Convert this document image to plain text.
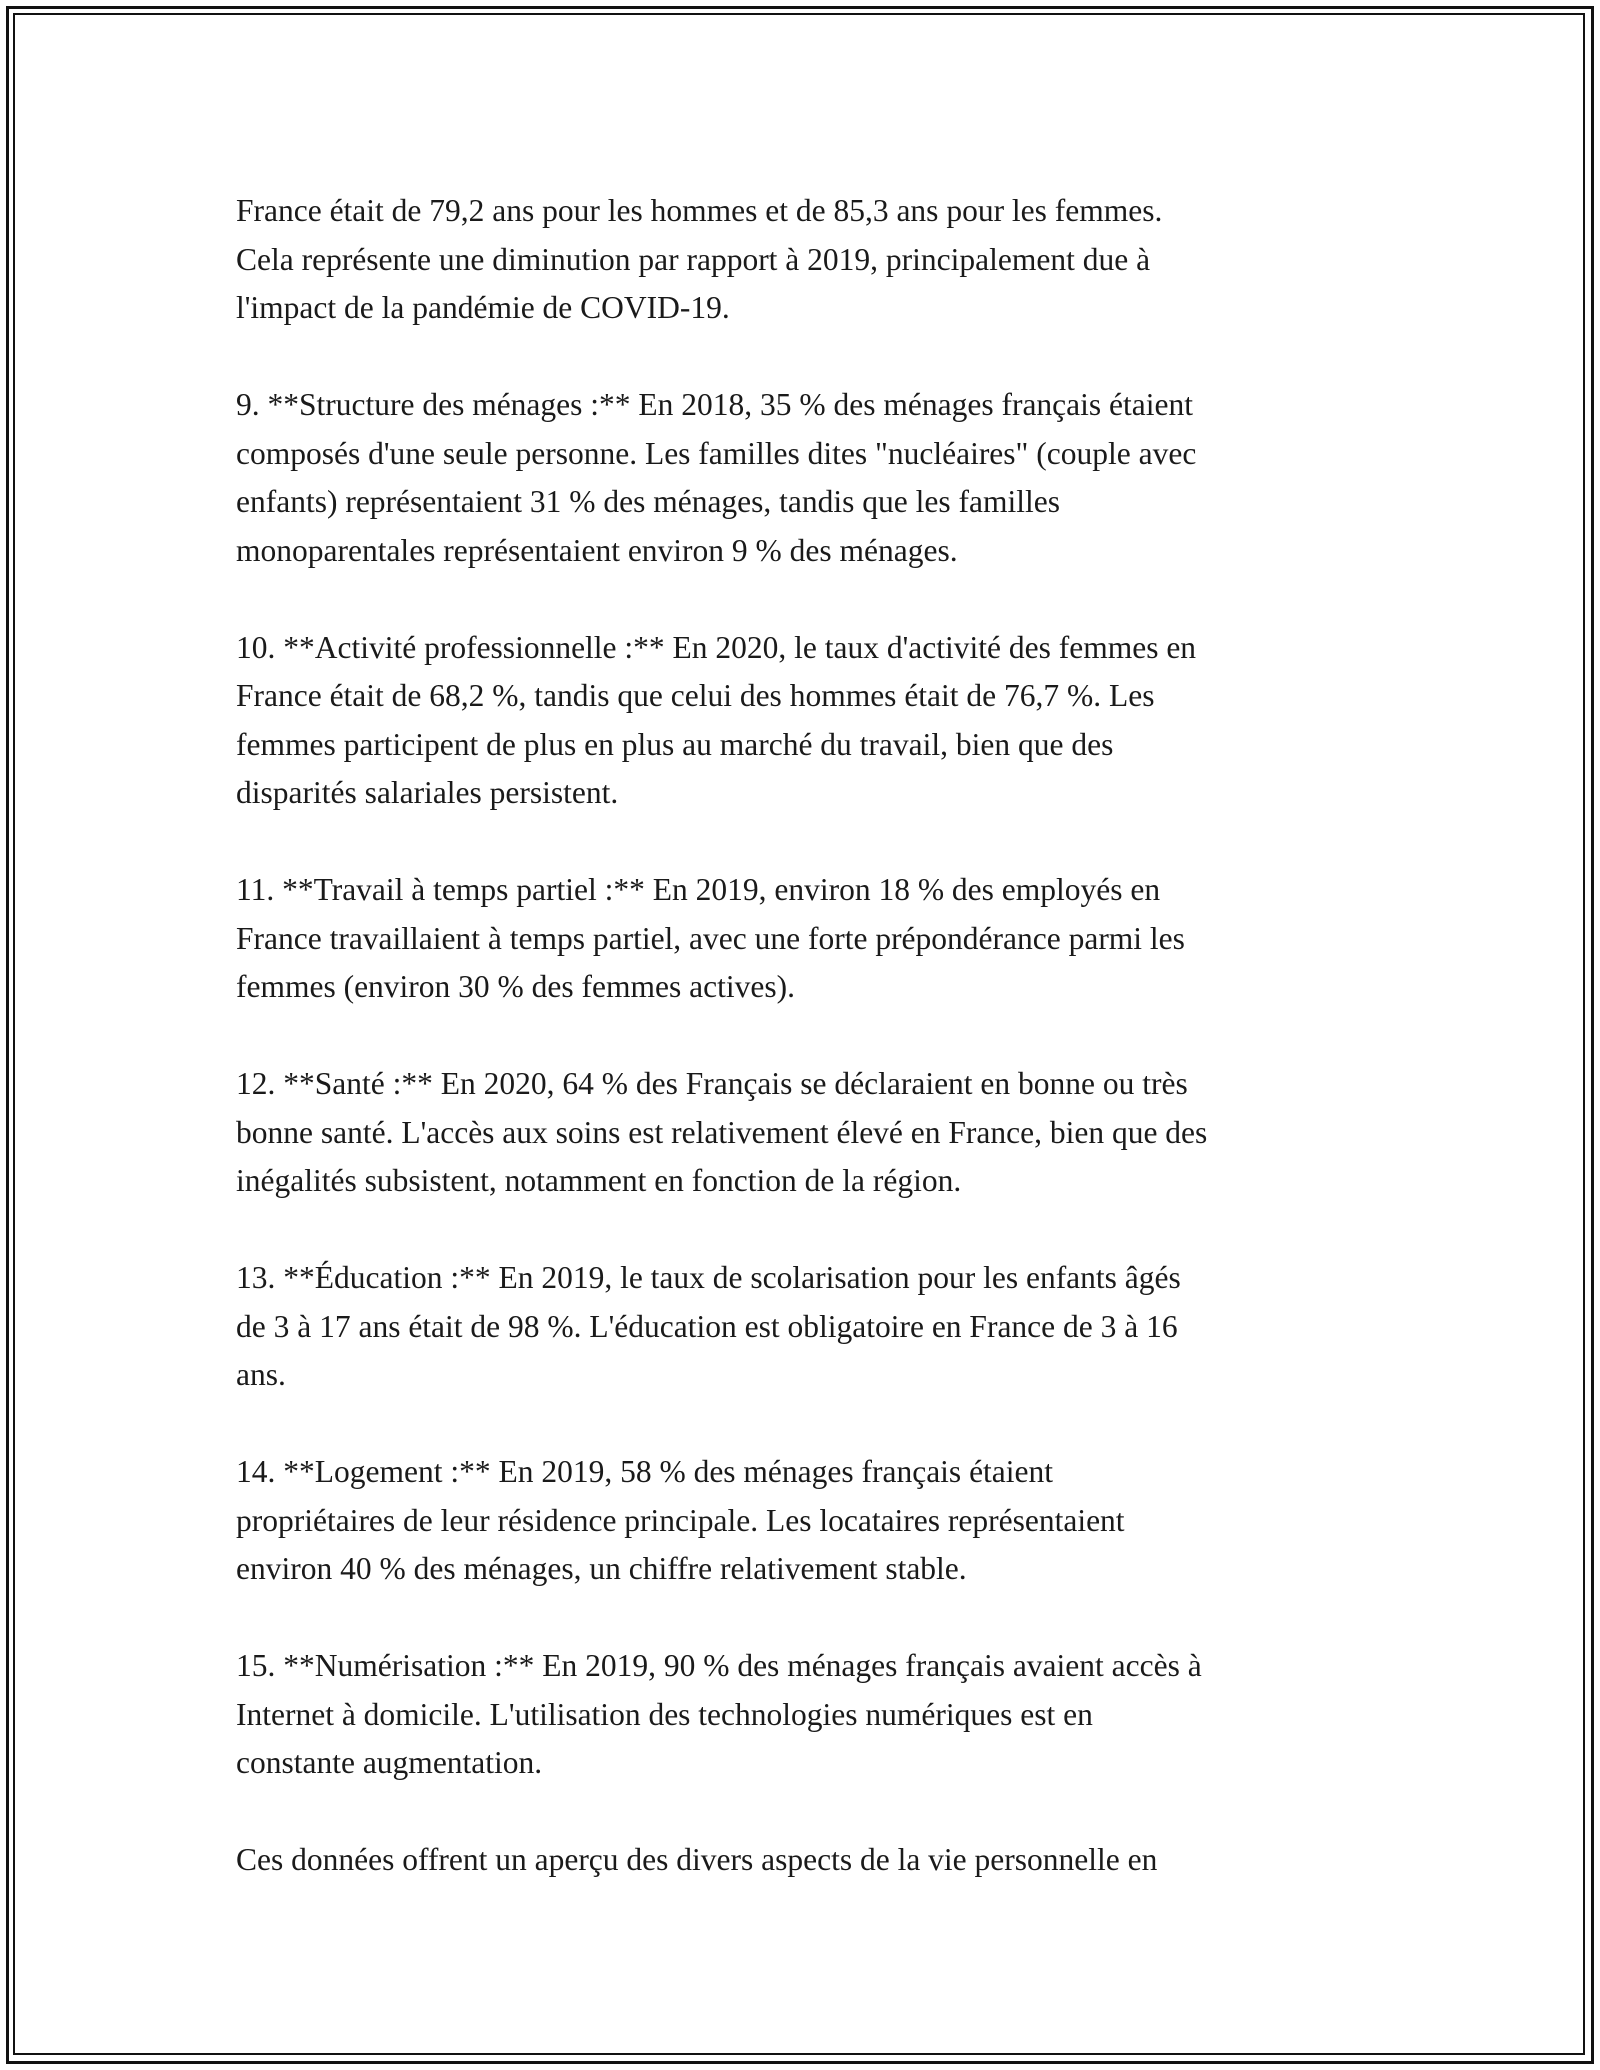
France était de 79,2 ans pour les hommes et de 85,3 ans pour les femmes.
Cela représente une diminution par rapport à 2019, principalement due à
l'impact de la pandémie de COVID-19.

9. **Structure des ménages :** En 2018, 35 % des ménages français étaient
composés d'une seule personne. Les familles dites "nucléaires" (couple avec
enfants) représentaient 31 % des ménages, tandis que les familles
monoparentales représentaient environ 9 % des ménages.

10. **Activité professionnelle :** En 2020, le taux d'activité des femmes en
France était de 68,2 %, tandis que celui des hommes était de 76,7 %. Les
femmes participent de plus en plus au marché du travail, bien que des
disparités salariales persistent.

11. **Travail à temps partiel :** En 2019, environ 18 % des employés en
France travaillaient à temps partiel, avec une forte prépondérance parmi les
femmes (environ 30 % des femmes actives).

12. **Santé :** En 2020, 64 % des Français se déclaraient en bonne ou très
bonne santé. L'accès aux soins est relativement élevé en France, bien que des
inégalités subsistent, notamment en fonction de la région.

13. **Éducation :** En 2019, le taux de scolarisation pour les enfants âgés
de 3 à 17 ans était de 98 %. L'éducation est obligatoire en France de 3 à 16
ans.

14. **Logement :** En 2019, 58 % des ménages français étaient
propriétaires de leur résidence principale. Les locataires représentaient
environ 40 % des ménages, un chiffre relativement stable.

15. **Numérisation :** En 2019, 90 % des ménages français avaient accès à
Internet à domicile. L'utilisation des technologies numériques est en
constante augmentation.

Ces données offrent un aperçu des divers aspects de la vie personnelle en
